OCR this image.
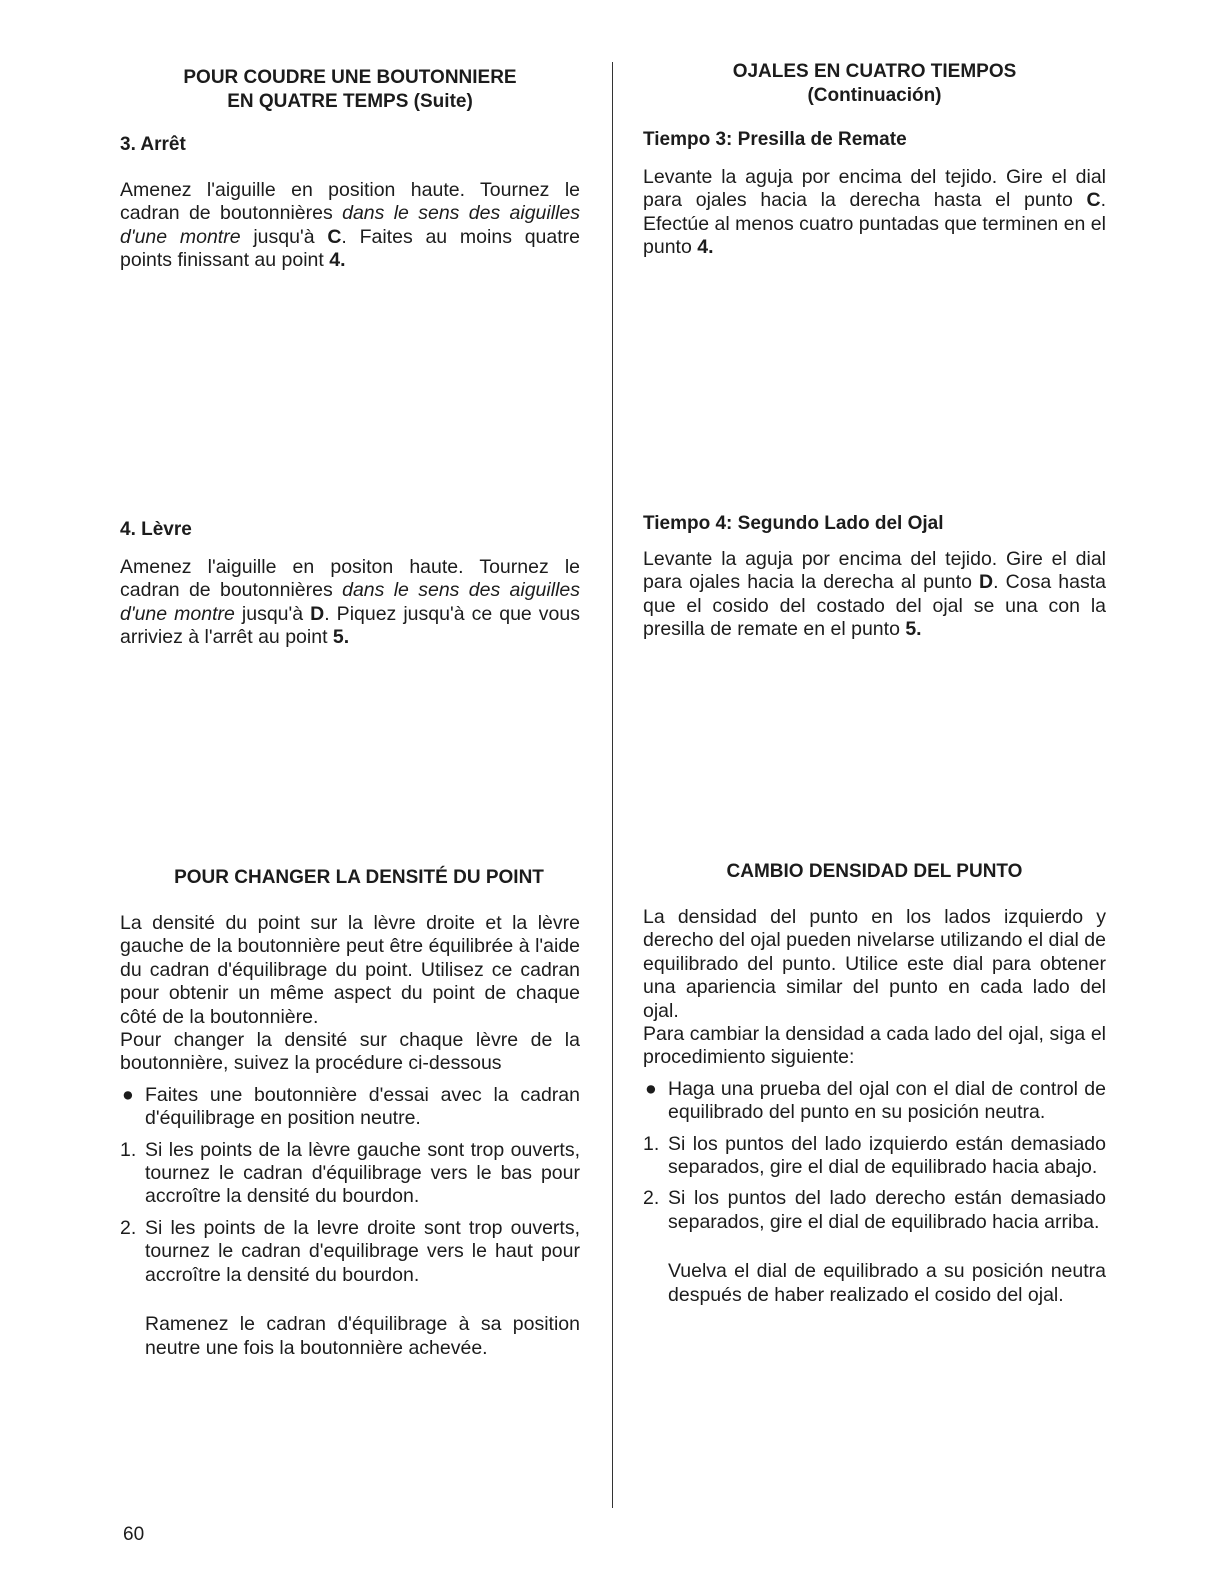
POUR COUDRE UNE BOUTONNIERE

EN QUATRE TEMPS (Suite)

3. Arrêt

Amenez l'aiguille en position haute. Tournez le cadran de boutonnières dans le sens des aiguilles d'une montre jusqu'à C. Faites au moins quatre points finissant au point 4.

4. Lèvre

Amenez l'aiguille en positon haute. Tournez le cadran de boutonnières dans le sens des aiguilles d'une montre jusqu'à D. Piquez jusqu'à ce que vous arriviez à l'arrêt au point 5.

POUR CHANGER LA DENSITÉ DU POINT

La densité du point sur la lèvre droite et la lèvre gauche de la boutonnière peut être équilibrée à l'aide du cadran d'équilibrage du point. Utilisez ce cadran pour obtenir un même aspect du point de chaque côté de la boutonnière.

Pour changer la densité sur chaque lèvre de la boutonnière, suivez la procédure ci-dessous

● Faites une boutonnière d'essai avec la cadran d'équilibrage en position neutre.

1. Si les points de la lèvre gauche sont trop ouverts, tournez le cadran d'équilibrage vers le bas pour accroître la densité du bourdon.

2. Si les points de la levre droite sont trop ouverts, tournez le cadran d'equilibrage vers le haut pour accroître la densité du bourdon.

Ramenez le cadran d'équilibrage à sa position neutre une fois la boutonnière achevée.

OJALES EN CUATRO TIEMPOS

(Continuación)

Tiempo 3: Presilla de Remate

Levante la aguja por encima del tejido. Gire el dial para ojales hacia la derecha hasta el punto C. Efectúe al menos cuatro puntadas que terminen en el punto 4.

Tiempo 4: Segundo Lado del Ojal

Levante la aguja por encima del tejido. Gire el dial para ojales hacia la derecha al punto D. Cosa hasta que el cosido del costado del ojal se una con la presilla de remate en el punto 5.

CAMBIO DENSIDAD DEL PUNTO

La densidad del punto en los lados izquierdo y derecho del ojal pueden nivelarse utilizando el dial de equilibrado del punto. Utilice este dial para obtener una apariencia similar del punto en cada lado del ojal.

Para cambiar la densidad a cada lado del ojal, siga el procedimiento siguiente:

● Haga una prueba del ojal con el dial de control de equilibrado del punto en su posición neutra.

1. Si los puntos del lado izquierdo están demasiado separados, gire el dial de equilibrado hacia abajo.

2. Si los puntos del lado derecho están demasiado separados, gire el dial de equilibrado hacia arriba.

Vuelva el dial de equilibrado a su posición neutra después de haber realizado el cosido del ojal.

60
